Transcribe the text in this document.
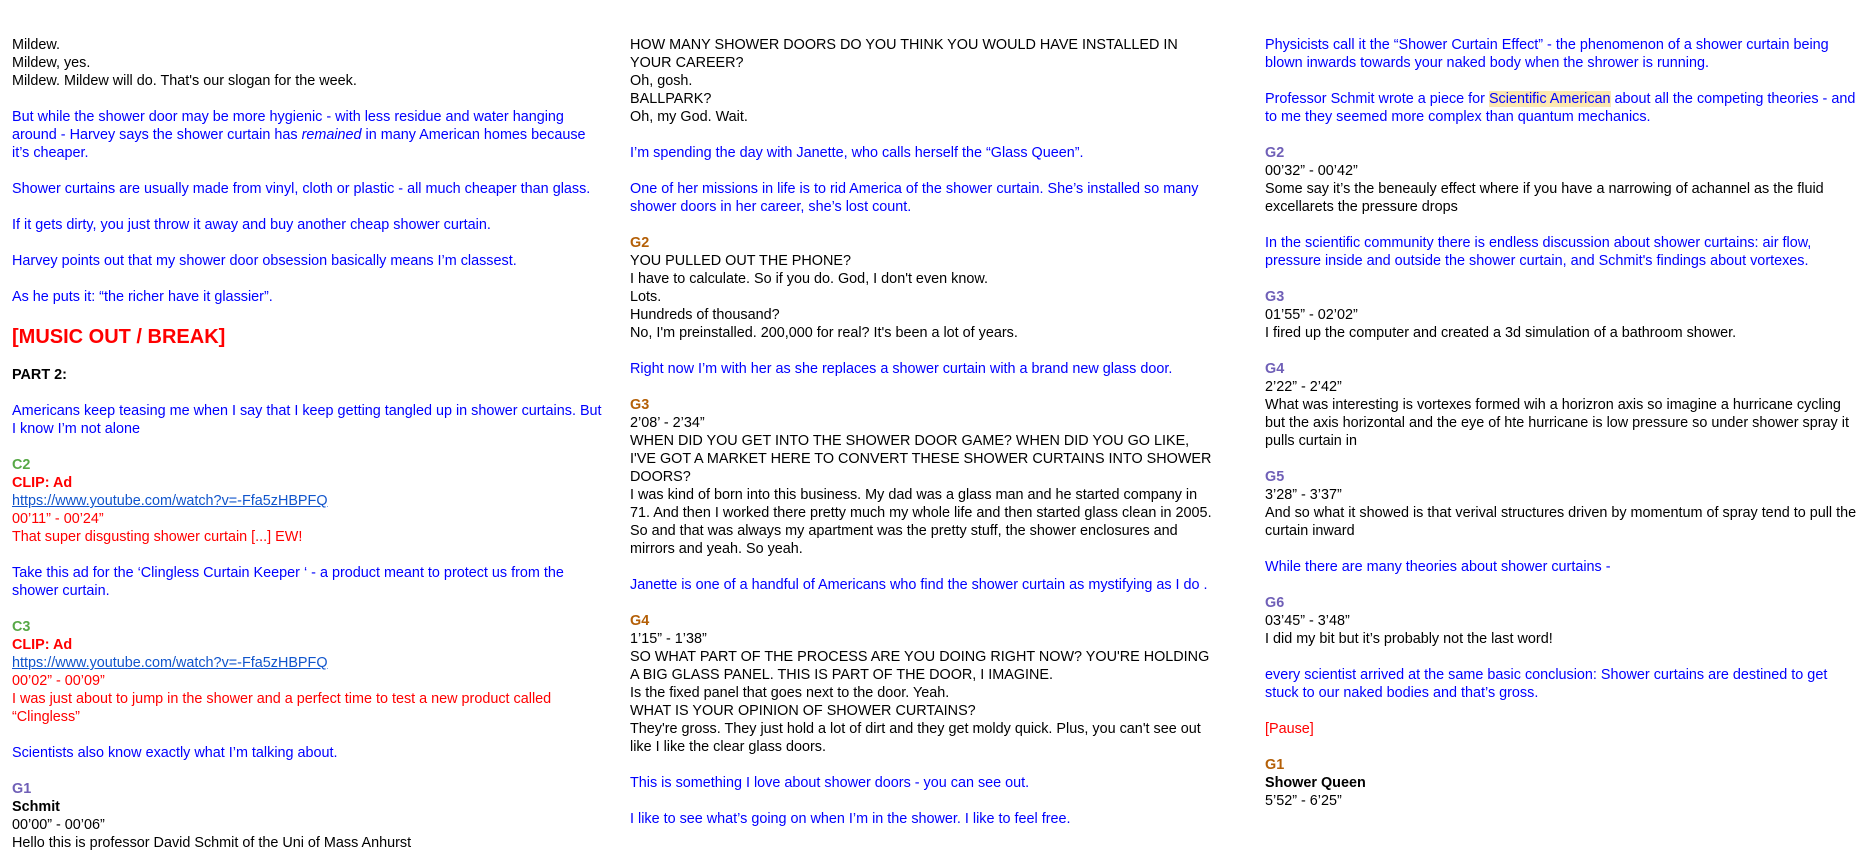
Mildew.
Mildew, yes.
Mildew. Mildew will do. That's our slogan for the week.

But while the shower door may be more hygienic - with less residue and water hanging around - Harvey says the shower curtain has remained in many American homes because it’s cheaper.

Shower curtains are usually made from vinyl, cloth or plastic - all much cheaper than glass.

If it gets dirty, you just throw it away and buy another cheap shower curtain.

Harvey points out that my shower door obsession basically means I’m classest.

As he puts it: “the richer have it glassier”.

[MUSIC OUT / BREAK]

PART 2:

Americans keep teasing me when I say that I keep getting tangled up in shower curtains. But I know I’m not alone

C2
CLIP: Ad
https://www.youtube.com/watch?v=-Ffa5zHBPFQ
00’11” - 00’24”
That super disgusting shower curtain [...] EW!

Take this ad for the ‘Clingless Curtain Keeper ‘ - a product meant to protect us from the shower curtain.

C3
CLIP: Ad
https://www.youtube.com/watch?v=-Ffa5zHBPFQ
00’02” - 00’09”
I was just about to jump in the shower and a perfect time to test a new product called “Clingless”

Scientists also know exactly what I’m talking about.

G1
Schmit
00’00” - 00’06”
Hello this is professor David Schmit of the Uni of Mass Anhurst
HOW MANY SHOWER DOORS DO YOU THINK YOU WOULD HAVE INSTALLED IN YOUR CAREER?
Oh, gosh.
BALLPARK?
Oh, my God. Wait.

I’m spending the day with Janette, who calls herself the “Glass Queen”.

One of her missions in life is to rid America of the shower curtain. She’s installed so many shower doors in her career, she’s lost count.

G2
YOU PULLED OUT THE PHONE?
I have to calculate. So if you do. God, I don't even know.
Lots.
Hundreds of thousand?
No, I'm preinstalled. 200,000 for real? It's been a lot of years.

Right now I’m with her as she replaces a shower curtain with a brand new glass door.

G3
2’08’ - 2’34”
WHEN DID YOU GET INTO THE SHOWER DOOR GAME? WHEN DID YOU GO LIKE, I'VE GOT A MARKET HERE TO CONVERT THESE SHOWER CURTAINS INTO SHOWER DOORS?
I was kind of born into this business. My dad was a glass man and he started company in 71. And then I worked there pretty much my whole life and then started glass clean in 2005. So and that was always my apartment was the pretty stuff, the shower enclosures and mirrors and yeah. So yeah.

Janette is one of a handful of Americans who find the shower curtain as mystifying as I do .

G4
1’15” - 1’38”
SO WHAT PART OF THE PROCESS ARE YOU DOING RIGHT NOW? YOU'RE HOLDING A BIG GLASS PANEL. THIS IS PART OF THE DOOR, I IMAGINE.
Is the fixed panel that goes next to the door. Yeah.
WHAT IS YOUR OPINION OF SHOWER CURTAINS?
They're gross. They just hold a lot of dirt and they get moldy quick. Plus, you can't see out like I like the clear glass doors.

This is something I love about shower doors - you can see out.

I like to see what’s going on when I’m in the shower. I like to feel free.

Physicists call it the “Shower Curtain Effect” - the phenomenon of a shower curtain being blown inwards towards your naked body when the shrower is running.

Professor Schmit wrote a piece for Scientific American about all the competing theories - and to me they seemed more complex than quantum mechanics.

G2
00’32” - 00’42”
Some say it’s the beneauly effect where if you have a narrowing of achannel as the fluid excellarets the pressure drops

In the scientific community there is endless discussion about shower curtains: air flow, pressure inside and outside the shower curtain, and Schmit's findings about vortexes.

G3
01’55” - 02’02”
I fired up the computer and created a 3d simulation of a bathroom shower.
G4
2’22” - 2’42”
What was interesting is vortexes formed wih a horizron axis so imagine a hurricane cycling but the axis horizontal and the eye of hte hurricane is low pressure so under shower spray it pulls curtain in
G5
3’28” - 3’37”
And so what it showed is that verival structures driven by momentum of spray tend to pull the curtain inward

While there are many theories about shower curtains -

G6
03’45” - 3’48”
I did my bit but it’s probably not the last word!

every scientist arrived at the same basic conclusion: Shower curtains are destined to get stuck to our naked bodies and that’s gross.

[Pause]

G1
Shower Queen
5’52” - 6’25”
